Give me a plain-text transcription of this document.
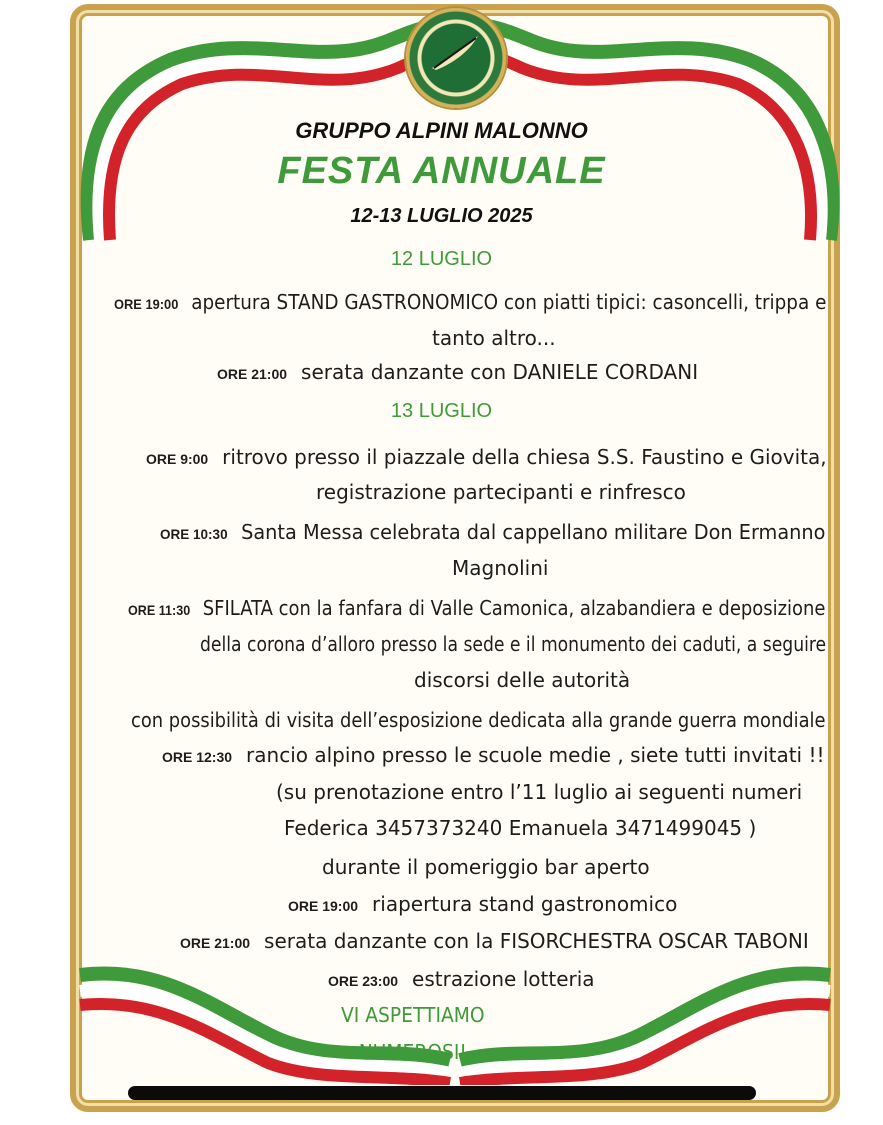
GRUPPO ALPINI MALONNO
FESTA ANNUALE
12-13 LUGLIO 2025
12 LUGLIO
ORE 19:00 apertura STAND GASTRONOMICO con piatti tipici: casoncelli, trippa e
tanto altro...
ORE 21:00 serata danzante con DANIELE CORDANI
13 LUGLIO
ORE 9:00 ritrovo presso il piazzale della chiesa S.S. Faustino e Giovita,
registrazione partecipanti e rinfresco
ORE 10:30 Santa Messa celebrata dal cappellano militare Don Ermanno
Magnolini
ORE 11:30 SFILATA con la fanfara di Valle Camonica, alzabandiera e deposizione
della corona d’alloro presso la sede e il monumento dei caduti, a seguire
discorsi delle autorità
con possibilità di visita dell’esposizione dedicata alla grande guerra mondiale
ORE 12:30 rancio alpino presso le scuole medie , siete tutti invitati !!
(su prenotazione entro l’11 luglio ai seguenti numeri
Federica 3457373240 Emanuela 3471499045 )
durante il pomeriggio bar aperto
ORE 19:00 riapertura stand gastronomico
ORE 21:00 serata danzante con la FISORCHESTRA OSCAR TABONI
ORE 23:00 estrazione lotteria
VI ASPETTIAMO
NUMEROSI!
